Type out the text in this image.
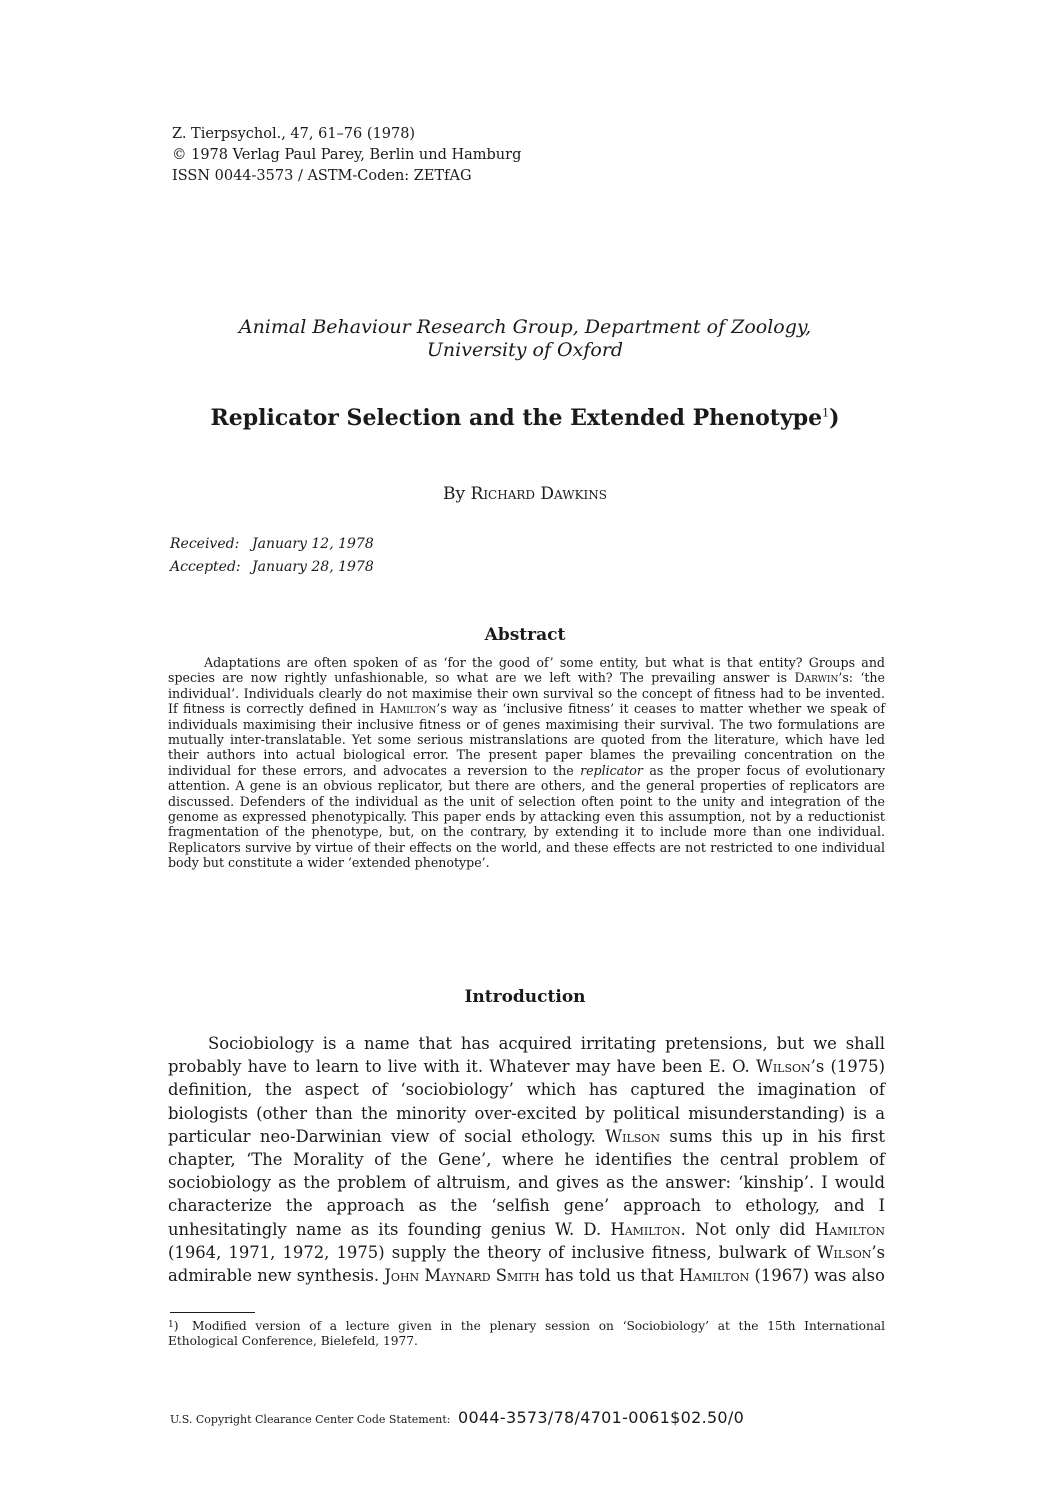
Z. Tierpsychol., 47, 61–76 (1978)
© 1978 Verlag Paul Parey, Berlin und Hamburg
ISSN 0044-3573 / ASTM-Coden: ZETfAG
Animal Behaviour Research Group, Department of Zoology,
University of Oxford
Replicator Selection and the Extended Phenotype$^1$)
By Richard Dawkins
Received: January 12, 1978
Accepted: January 28, 1978
Abstract

Adaptations are often spoken of as ‘for the good of’ some entity, but what is that entity? Groups and species are now rightly unfashionable, so what are we left with? The prevailing answer is Darwin’s: ‘the individual’. Individuals clearly do not maximise their own survival so the concept of fitness had to be invented. If fitness is correctly defined in Hamilton’s way as ‘inclusive fitness’ it ceases to matter whether we speak of individuals maximising their inclusive fitness or of genes maximising their survival. The two formulations are mutually inter-translatable. Yet some serious mistranslations are quoted from the literature, which have led their authors into actual biological error. The present paper blames the prevailing concentration on the individual for these errors, and advocates a reversion to the replicator as the proper focus of evolutionary attention. A gene is an obvious replicator, but there are others, and the general properties of replicators are discussed. Defenders of the individual as the unit of selection often point to the unity and integration of the genome as expressed phenotypically. This paper ends by attacking even this assumption, not by a reductionist fragmentation of the phenotype, but, on the contrary, by extending it to include more than one individual. Replicators survive by virtue of their effects on the world, and these effects are not restricted to one individual body but constitute a wider ‘extended phenotype’.

Introduction

Sociobiology is a name that has acquired irritating pretensions, but we shall probably have to learn to live with it. Whatever may have been E. O. Wilson’s (1975) definition, the aspect of ‘sociobiology’ which has captured the imagination of biologists (other than the minority over-excited by political misunderstanding) is a particular neo-Darwinian view of social ethology. Wilson sums this up in his first chapter, ‘The Morality of the Gene’, where he identifies the central problem of sociobiology as the problem of altruism, and gives as the answer: ‘kinship’. I would characterize the approach as the ‘selfish gene’ approach to ethology, and I unhesitatingly name as its founding genius W. D. Hamilton. Not only did Hamilton (1964, 1971, 1972, 1975) supply the theory of inclusive fitness, bulwark of Wilson’s admirable new synthesis. John Maynard Smith has told us that Hamilton (1967) was also

$^1$) Modified version of a lecture given in the plenary session on ‘Sociobiology’ at the 15th International Ethological Conference, Bielefeld, 1977.

U.S. Copyright Clearance Center Code Statement: 0044-3573/78/4701-0061$02.50/0
